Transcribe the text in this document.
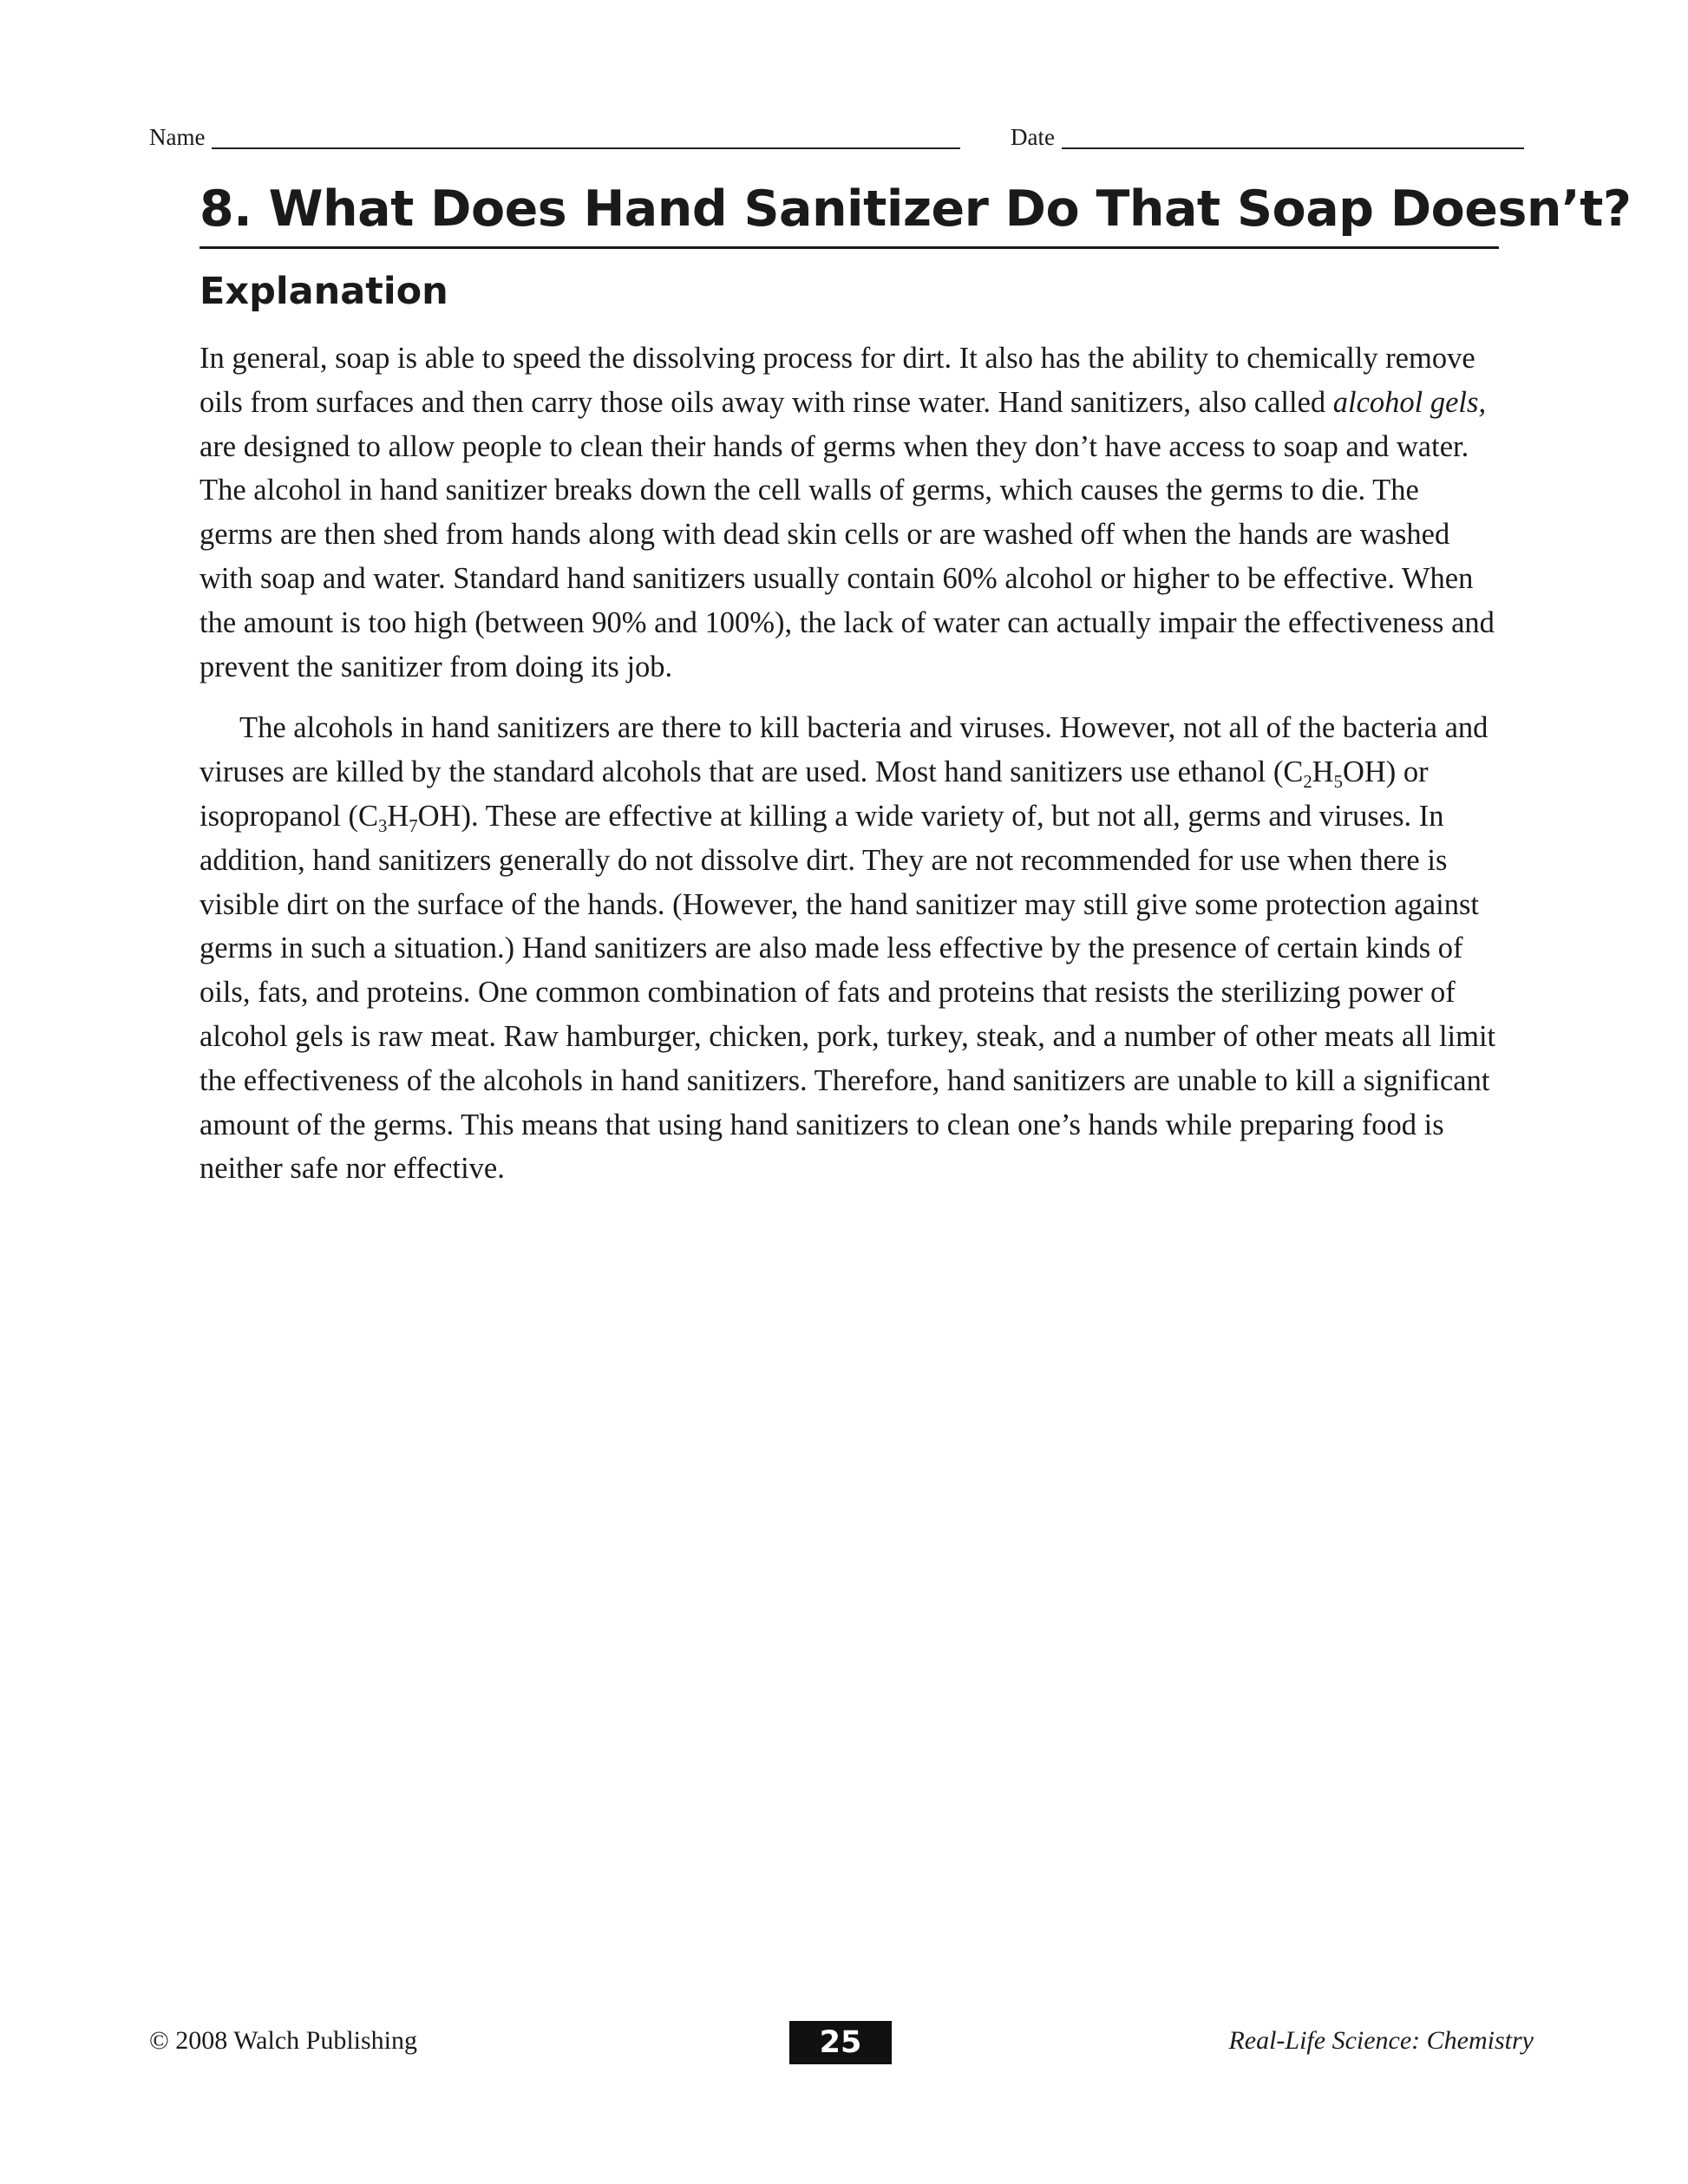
Name	Date
8. What Does Hand Sanitizer Do That Soap Doesn’t?
Explanation

In general, soap is able to speed the dissolving process for dirt. It also has the ability to chemically remove oils from surfaces and then carry those oils away with rinse water. Hand sanitizers, also called alcohol gels, are designed to allow people to clean their hands of germs when they don’t have access to soap and water. The alcohol in hand sanitizer breaks down the cell walls of germs, which causes the germs to die. The germs are then shed from hands along with dead skin cells or are washed off when the hands are washed with soap and water. Standard hand sanitizers usually contain 60% alcohol or higher to be effective. When the amount is too high (between 90% and 100%), the lack of water can actually impair the effectiveness and prevent the sanitizer from doing its job.

The alcohols in hand sanitizers are there to kill bacteria and viruses. However, not all of the bacteria and viruses are killed by the standard alcohols that are used. Most hand sanitizers use ethanol $(C_2H_5OH)$ or isopropanol $(C_3H_7OH)$. These are effective at killing a wide variety of, but not all, germs and viruses. In addition, hand sanitizers generally do not dissolve dirt. They are not recommended for use when there is visible dirt on the surface of the hands. (However, the hand sanitizer may still give some protection against germs in such a situation.) Hand sanitizers are also made less effective by the presence of certain kinds of oils, fats, and proteins. One common combination of fats and proteins that resists the sterilizing power of alcohol gels is raw meat. Raw hamburger, chicken, pork, turkey, steak, and a number of other meats all limit the effectiveness of the alcohols in hand sanitizers. Therefore, hand sanitizers are unable to kill a significant amount of the germs. This means that using hand sanitizers to clean one’s hands while preparing food is neither safe nor effective.

© 2008 Walch Publishing	25	Real-Life Science: Chemistry
